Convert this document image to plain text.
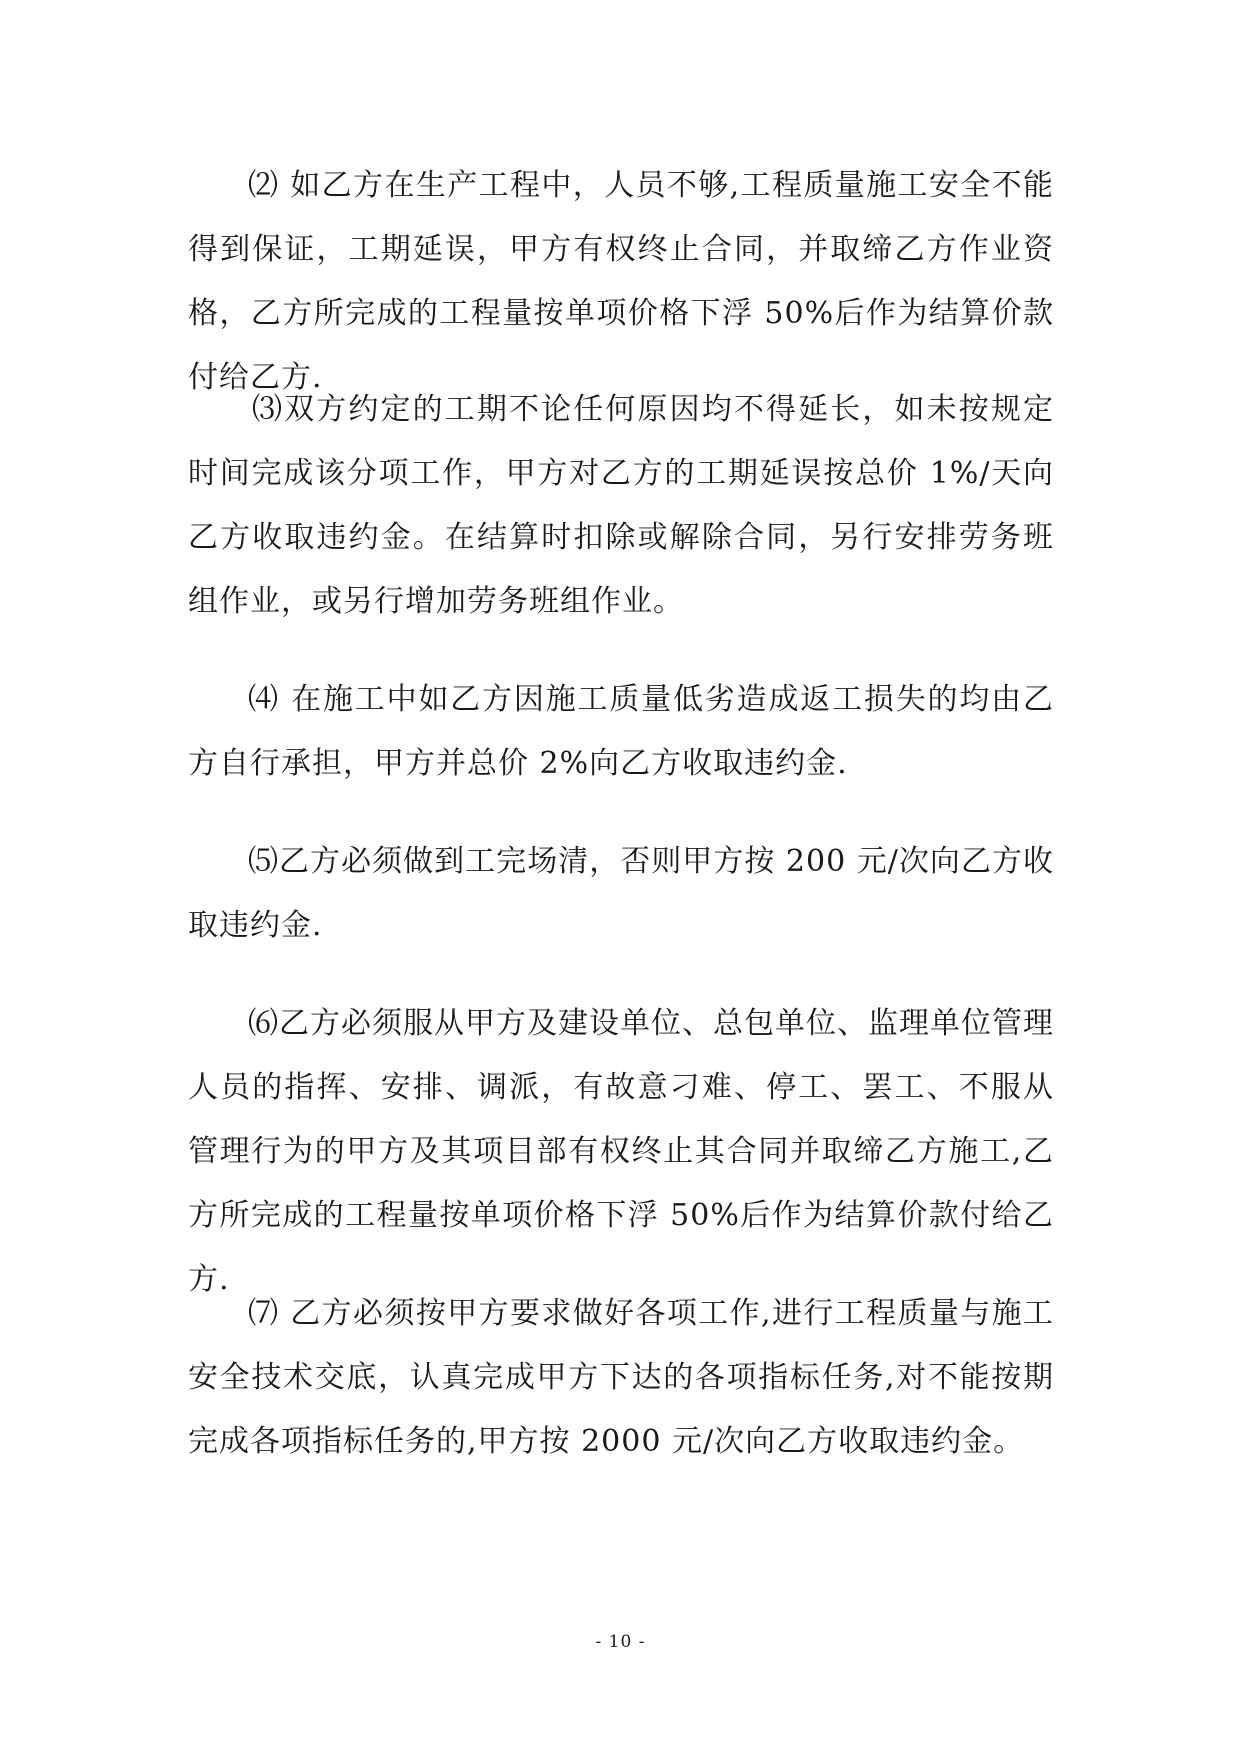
⑵ 如乙方在生产工程中，人员不够,工程质量施工安全不能得到保证，工期延误，甲方有权终止合同，并取缔乙方作业资格，乙方所完成的工程量按单项价格下浮 50%后作为结算价款付给乙方.

⑶双方约定的工期不论任何原因均不得延长，如未按规定时间完成该分项工作，甲方对乙方的工期延误按总价 1%/天向乙方收取违约金。在结算时扣除或解除合同，另行安排劳务班组作业，或另行增加劳务班组作业。

⑷ 在施工中如乙方因施工质量低劣造成返工损失的均由乙方自行承担，甲方并总价 2%向乙方收取违约金.

⑸乙方必须做到工完场清，否则甲方按 200 元/次向乙方收取违约金.

⑹乙方必须服从甲方及建设单位、总包单位、监理单位管理人员的指挥、安排、调派，有故意刁难、停工、罢工、不服从管理行为的甲方及其项目部有权终止其合同并取缔乙方施工,乙方所完成的工程量按单项价格下浮 50%后作为结算价款付给乙方.

⑺ 乙方必须按甲方要求做好各项工作,进行工程质量与施工安全技术交底，认真完成甲方下达的各项指标任务,对不能按期完成各项指标任务的,甲方按 2000 元/次向乙方收取违约金。

- 10 -
